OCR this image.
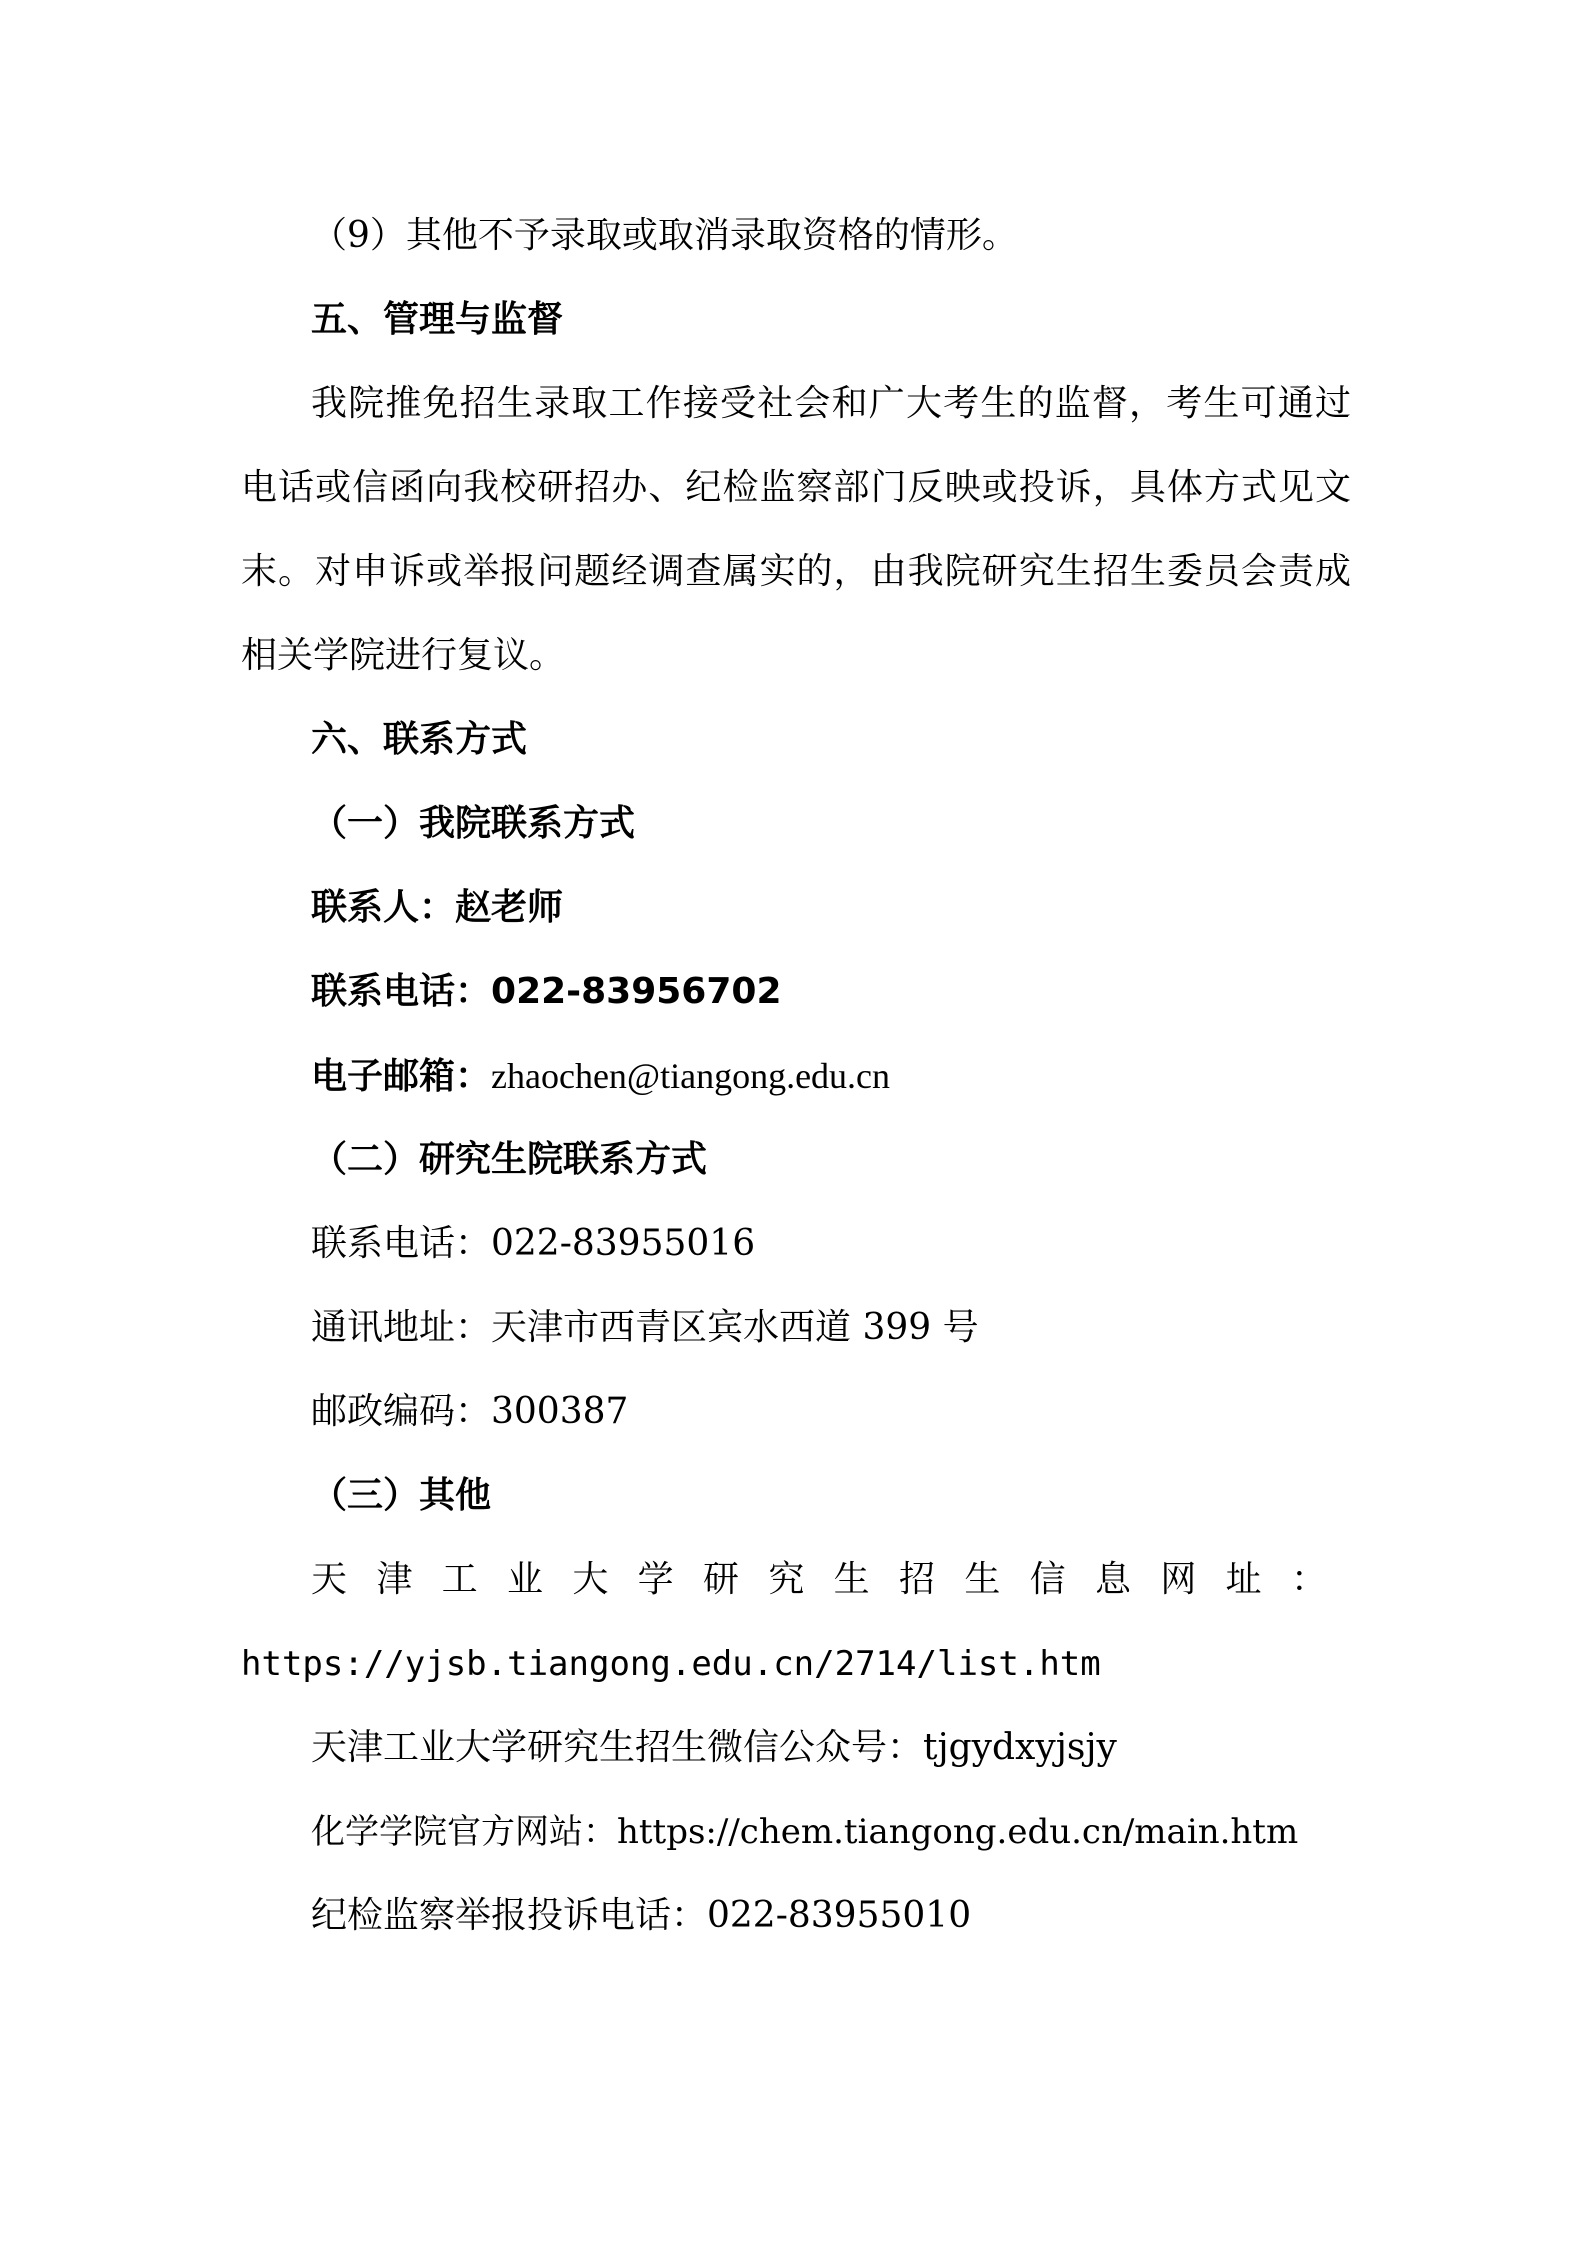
（9）其他不予录取或取消录取资格的情形。
五、管理与监督
我院推免招生录取工作接受社会和广大考生的监督，考生可通过
电话或信函向我校研招办、纪检监察部门反映或投诉，具体方式见文
末。对申诉或举报问题经调查属实的，由我院研究生招生委员会责成
相关学院进行复议。
六、联系方式
（一）我院联系方式
联系人：赵老师
联系电话：022-83956702
电子邮箱：zhaochen@tiangong.edu.cn
（二）研究生院联系方式
联系电话：022-83955016
通讯地址：天津市西青区宾水西道 399 号
邮政编码：300387
（三）其他
天津工业大学研究生招生信息网址：
https://yjsb.tiangong.edu.cn/2714/list.htm
天津工业大学研究生招生微信公众号：tjgydxyjsjy
化学学院官方网站：https://chem.tiangong.edu.cn/main.htm
纪检监察举报投诉电话：022-83955010
